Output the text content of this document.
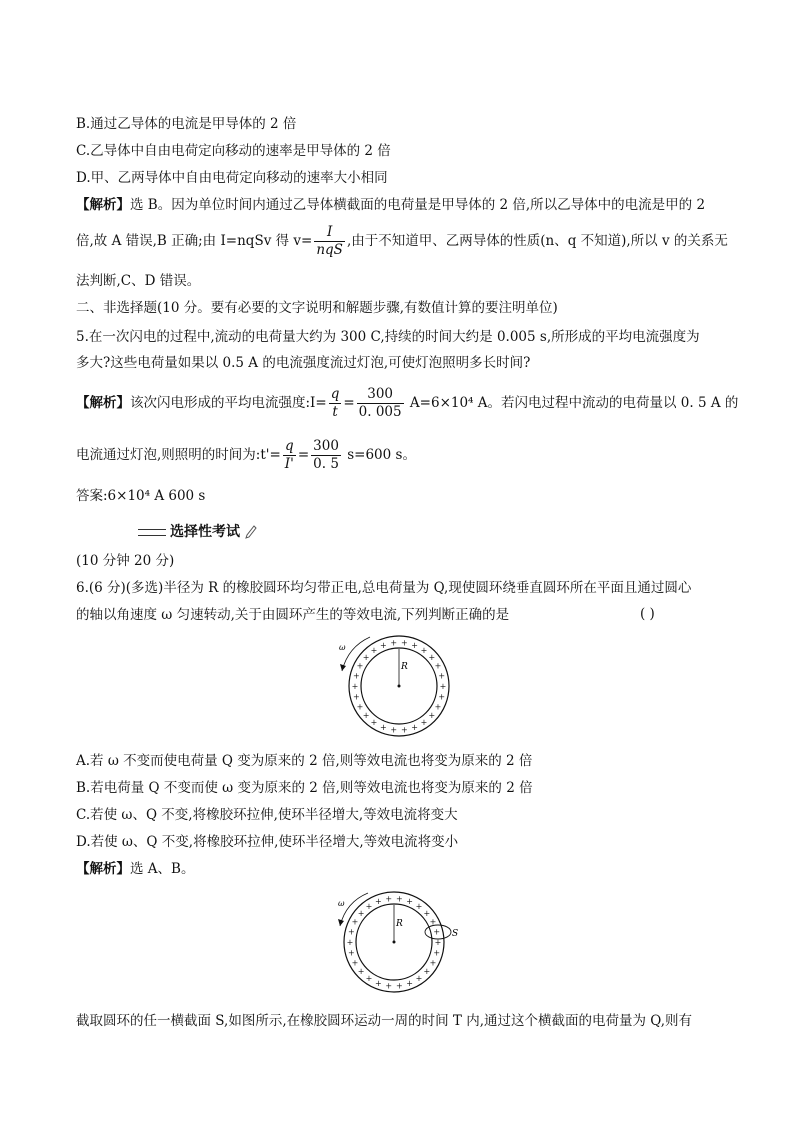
B.通过乙导体的电流是甲导体的 2 倍
C.乙导体中自由电荷定向移动的速率是甲导体的 2 倍
D.甲、乙两导体中自由电荷定向移动的速率大小相同
【解析】选 B。因为单位时间内通过乙导体横截面的电荷量是甲导体的 2 倍,所以乙导体中的电流是甲的 2
倍,故 A 错误,B 正确;由 I=nqSv 得 $v= \frac{I}{\text{nqS}}$ ,由于不知道甲、乙两导体的性质(n、q 不知道),所以 v 的关系无
法判断,C、D 错误。
二、非选择题(10 分。要有必要的文字说明和解题步骤,有数值计算的要注明单位)
5.在一次闪电的过程中,流动的电荷量大约为 300 C,持续的时间大约是 0.005 s,所形成的平均电流强度为
多大?这些电荷量如果以 0.5 A 的电流强度流过灯泡,可使灯泡照明多长时间?
【解析】该次闪电形成的平均电流强度:I= $\frac{q}{t} = \frac{300}{0. 005} A=6\times 10^4$ A。若闪电过程中流动的电荷量以 0. 5 A 的
电流通过灯泡,则照明的时间为:t'= $\frac{q}{I'} = \frac{300}{0. 5} s=600$ s。
答案:6×10⁴ A 600 s
选择性考试
(10 分钟 20 分)
6.(6 分)(多选)半径为 R 的橡胶圆环均匀带正电,总电荷量为 Q,现使圆环绕垂直圆环所在平面且通过圆心
的轴以角速度 ω 匀速转动,关于由圆环产生的等效电流,下列判断正确的是	( )
+
+
+
+
+
+
+
+
+
+
+
+
+
+
+
+
+
+
+ + + +
+
+
+
+
R
ω
A.若 ω 不变而使电荷量 Q 变为原来的 2 倍,则等效电流也将变为原来的 2 倍
B.若电荷量 Q 不变而使 ω 变为原来的 2 倍,则等效电流也将变为原来的 2 倍
C.若使 ω、Q 不变,将橡胶环拉伸,使环半径增大,等效电流将变大
D.若使 ω、Q 不变,将橡胶环拉伸,使环半径增大,等效电流将变小
【解析】选 A、B。
+
+
+
+
+
+
+
+
+
+
+
+
+
+
+
+
+
+
+ + + +
+
+
+
+
R
S
ω
截取圆环的任一横截面 S,如图所示,在橡胶圆环运动一周的时间 T 内,通过这个横截面的电荷量为 Q,则有
